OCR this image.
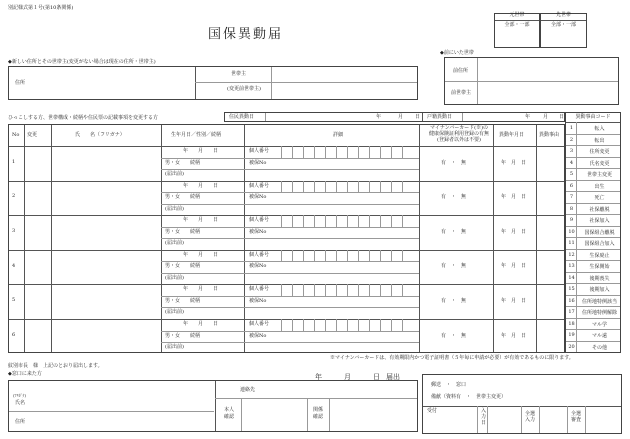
別記様式第１号(第10条関係)
国保異動届
元世帯
全部・一部
先世帯
全部・一部
◆新しい住所とその世帯主(変更がない場合は現在の住所・世帯主)
住所
世帯主
(変更前世帯主)
◆前にいた世帯
前住所
前世帯主
ひっこしする方、世帯構成・続柄や住民票の記載事項を変更する方	住民異動日	年	月 日 戸籍異動日	年	月 日
No 変更	氏　　名（フリガナ）	生年月日／性別／続柄	詳細
マイナンバーカード(※)の
健康保険証利用登録の有無
(登録者以外は不要)
異動年月日	異動事由
1
年　　月　　日
男・女　　続柄
(届出前)
個人番号
被保No	有　・　無	年　月　日
2
年　　月　　日
男・女　　続柄
(届出前)
個人番号
被保No	有　・　無	年　月　日
3
年　　月　　日
男・女　　続柄
(届出前)
個人番号
被保No	有　・　無	年　月　日
4
年　　月　　日
男・女　　続柄
(届出前)
個人番号
被保No	有　・　無	年　月　日
5
年　　月　　日
男・女　　続柄
(届出前)
個人番号
被保No	有　・　無	年　月　日
6
年　　月　　日
男・女　　続柄
(届出前)
個人番号
被保No	有　・　無	年　月　日
異動事由コード
1	転入
2	転出
3	住所変更
4	氏名変更
5	世帯主変更
6	出生
7	死亡
8	社保離脱
9	社保加入
10	国保組合離脱
11	国保組合加入
12	生保廃止
13	生保開始
14	後期喪失
15	後期加入
16	住所地特例該当
17	住所地特例解除
18	マル学
19	マル遠
20	その他
※マイナンバーカードは、有効期限内かつ電子証明書（５年毎に申請が必要）が有効であるものに限ります。
紋別市長　様　上記のとおり届出します。
◆窓口に来た方	年	月	日 届出
(ﾌﾘｶﾞﾅ)
氏名
住所
連絡先
本人
確認
関係
確認
郵送　・　窓口
備献（資料有　・　世帯主変更）
受付	入
力
日
全選
入力
全選
審査
